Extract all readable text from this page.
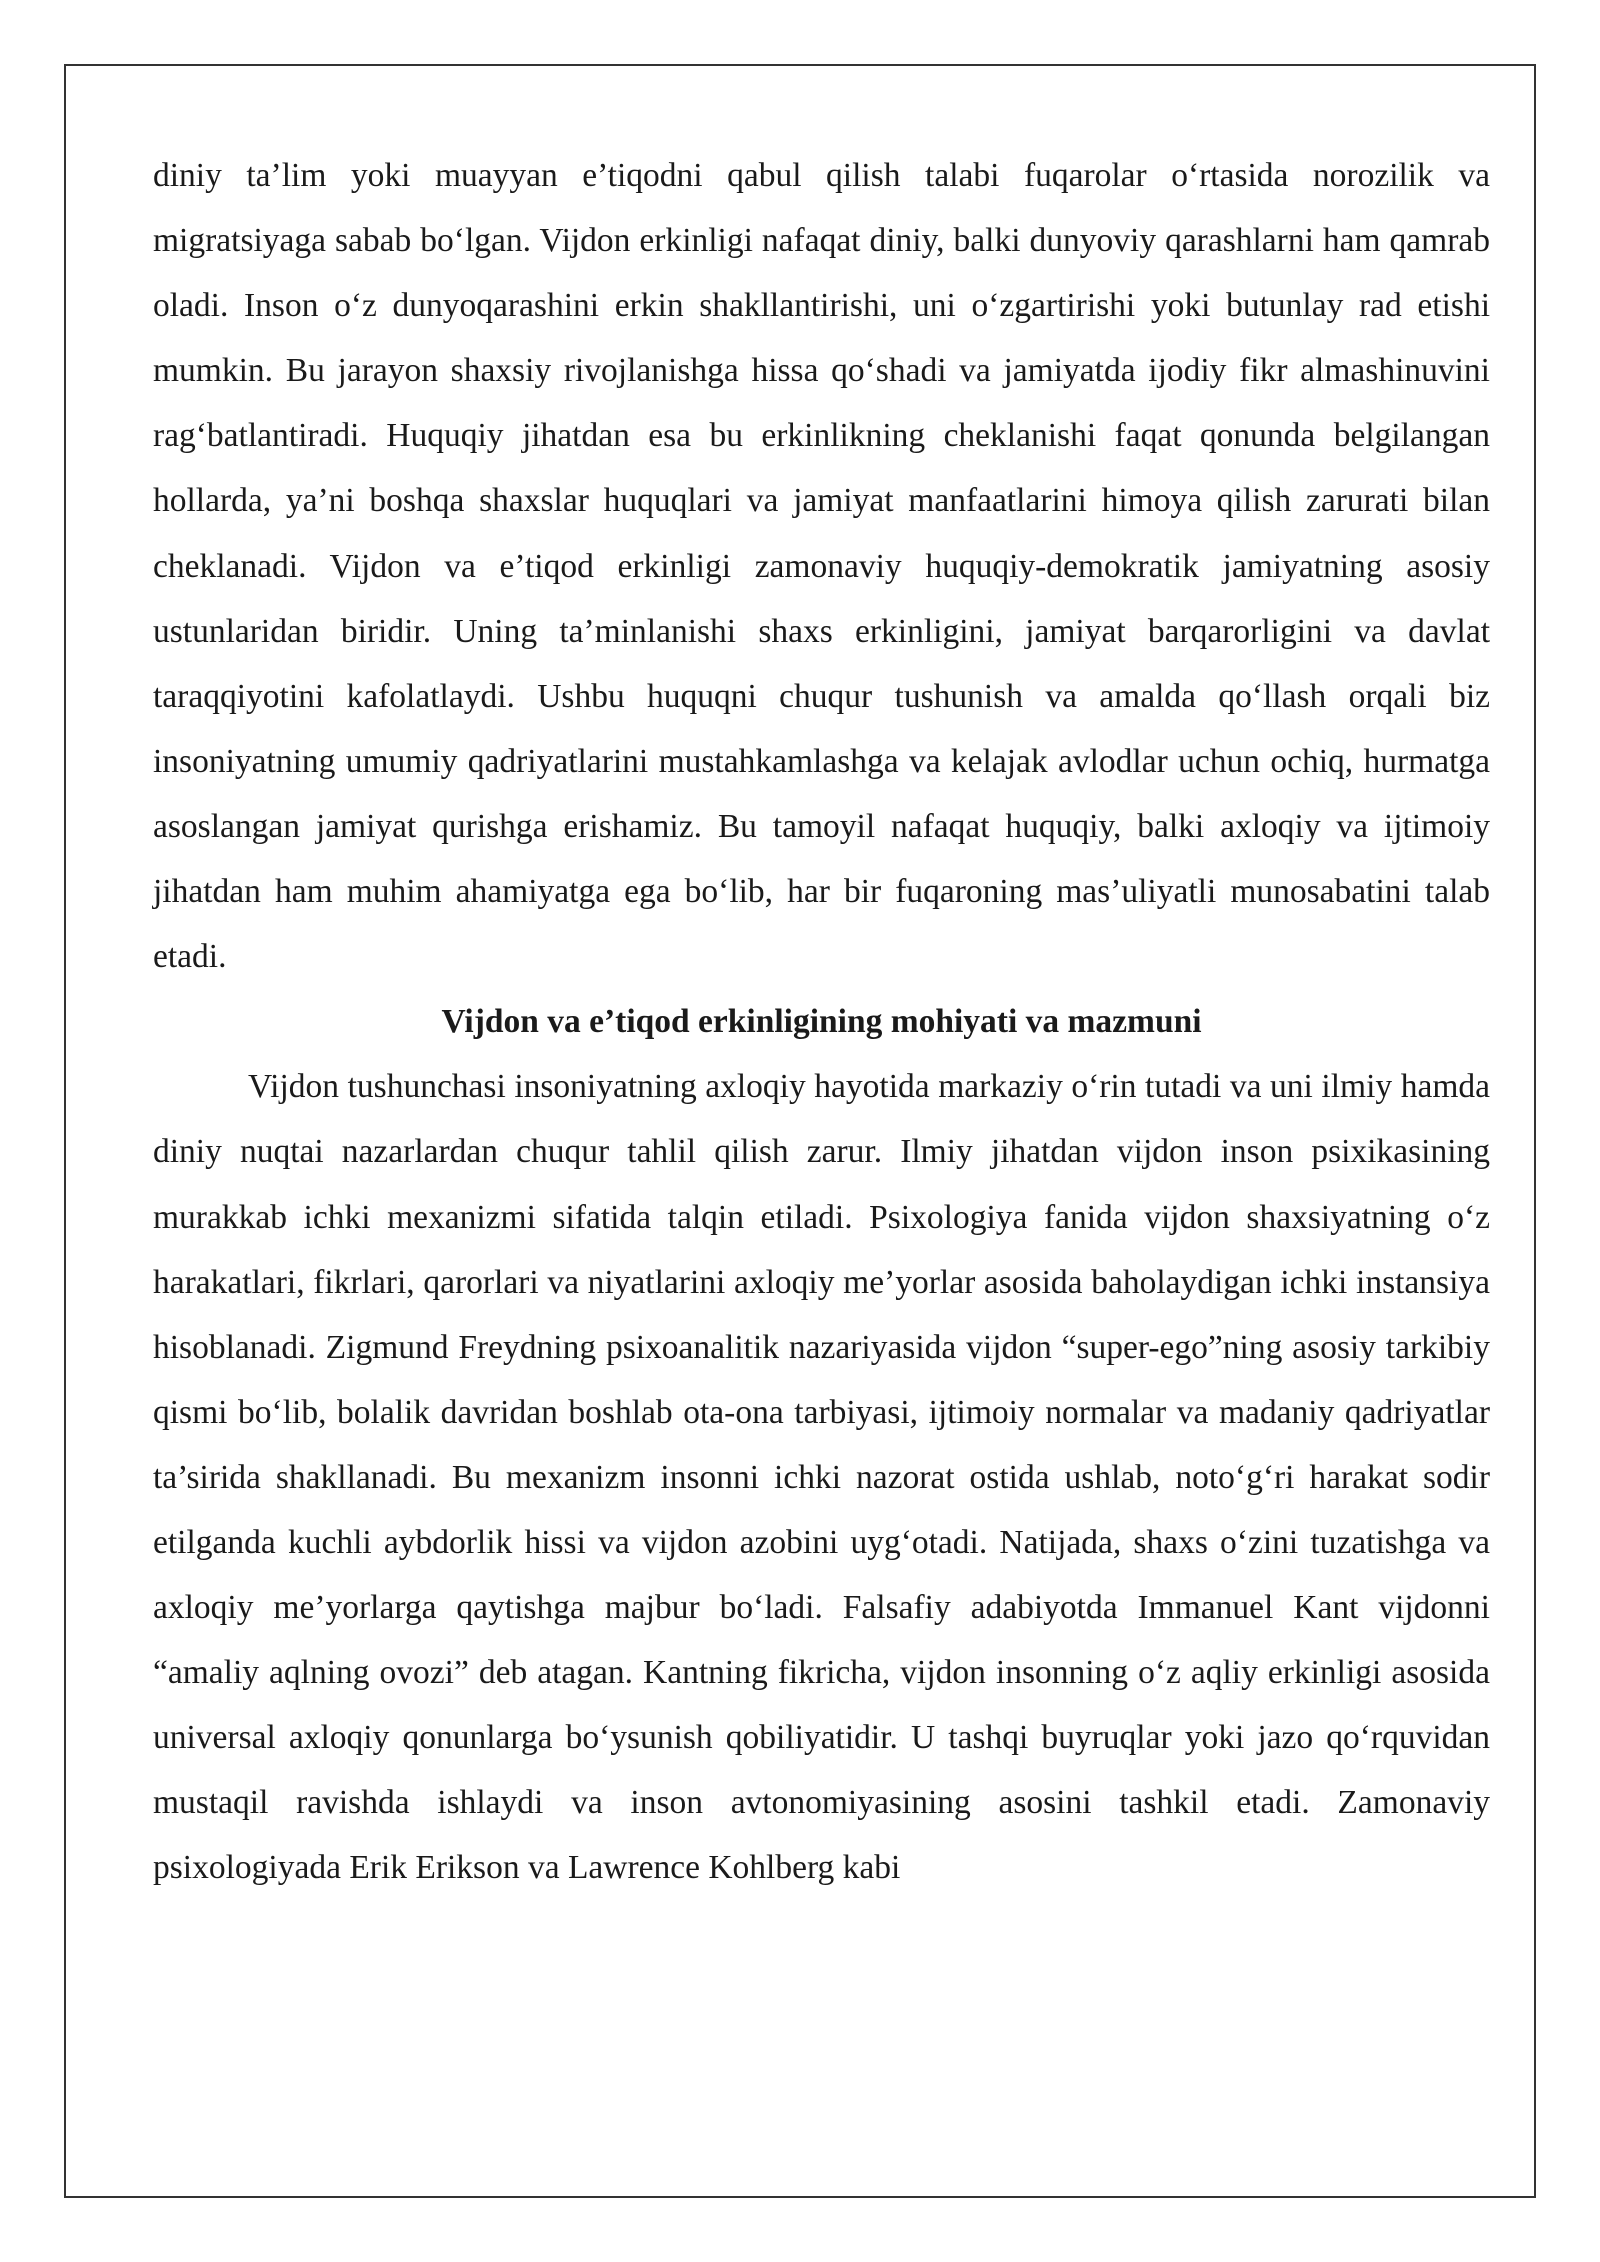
diniy ta’lim yoki muayyan e’tiqodni qabul qilish talabi fuqarolar o‘rtasida norozilik va migratsiyaga sabab bo‘lgan. Vijdon erkinligi nafaqat diniy, balki dunyoviy qarashlarni ham qamrab oladi. Inson o‘z dunyoqarashini erkin shakllantirishi, uni o‘zgartirishi yoki butunlay rad etishi mumkin. Bu jarayon shaxsiy rivojlanishga hissa qo‘shadi va jamiyatda ijodiy fikr almashinuvini rag‘batlantiradi. Huquqiy jihatdan esa bu erkinlikning cheklanishi faqat qonunda belgilangan hollarda, ya’ni boshqa shaxslar huquqlari va jamiyat manfaatlarini himoya qilish zarurati bilan cheklanadi. Vijdon va e’tiqod erkinligi zamonaviy huquqiy-demokratik jamiyatning asosiy ustunlaridan biridir. Uning ta’minlanishi shaxs erkinligini, jamiyat barqarorligini va davlat taraqqiyotini kafolatlaydi. Ushbu huquqni chuqur tushunish va amalda qo‘llash orqali biz insoniyatning umumiy qadriyatlarini mustahkamlashga va kelajak avlodlar uchun ochiq, hurmatga asoslangan jamiyat qurishga erishamiz. Bu tamoyil nafaqat huquqiy, balki axloqiy va ijtimoiy jihatdan ham muhim ahamiyatga ega bo‘lib, har bir fuqaroning mas’uliyatli munosabatini talab etadi.

Vijdon va e’tiqod erkinligining mohiyati va mazmuni

Vijdon tushunchasi insoniyatning axloqiy hayotida markaziy o‘rin tutadi va uni ilmiy hamda diniy nuqtai nazarlardan chuqur tahlil qilish zarur. Ilmiy jihatdan vijdon inson psixikasining murakkab ichki mexanizmi sifatida talqin etiladi. Psixologiya fanida vijdon shaxsiyatning o‘z harakatlari, fikrlari, qarorlari va niyatlarini axloqiy me’yorlar asosida baholaydigan ichki instansiya hisoblanadi. Zigmund Freydning psixoanalitik nazariyasida vijdon “super-ego”ning asosiy tarkibiy qismi bo‘lib, bolalik davridan boshlab ota-ona tarbiyasi, ijtimoiy normalar va madaniy qadriyatlar ta’sirida shakllanadi. Bu mexanizm insonni ichki nazorat ostida ushlab, noto‘g‘ri harakat sodir etilganda kuchli aybdorlik hissi va vijdon azobini uyg‘otadi. Natijada, shaxs o‘zini tuzatishga va axloqiy me’yorlarga qaytishga majbur bo‘ladi. Falsafiy adabiyotda Immanuel Kant vijdonni “amaliy aqlning ovozi” deb atagan. Kantning fikricha, vijdon insonning o‘z aqliy erkinligi asosida universal axloqiy qonunlarga bo‘ysunish qobiliyatidir. U tashqi buyruqlar yoki jazo qo‘rquvidan mustaqil ravishda ishlaydi va inson avtonomiyasining asosini tashkil etadi. Zamonaviy psixologiyada Erik Erikson va Lawrence Kohlberg kabi
